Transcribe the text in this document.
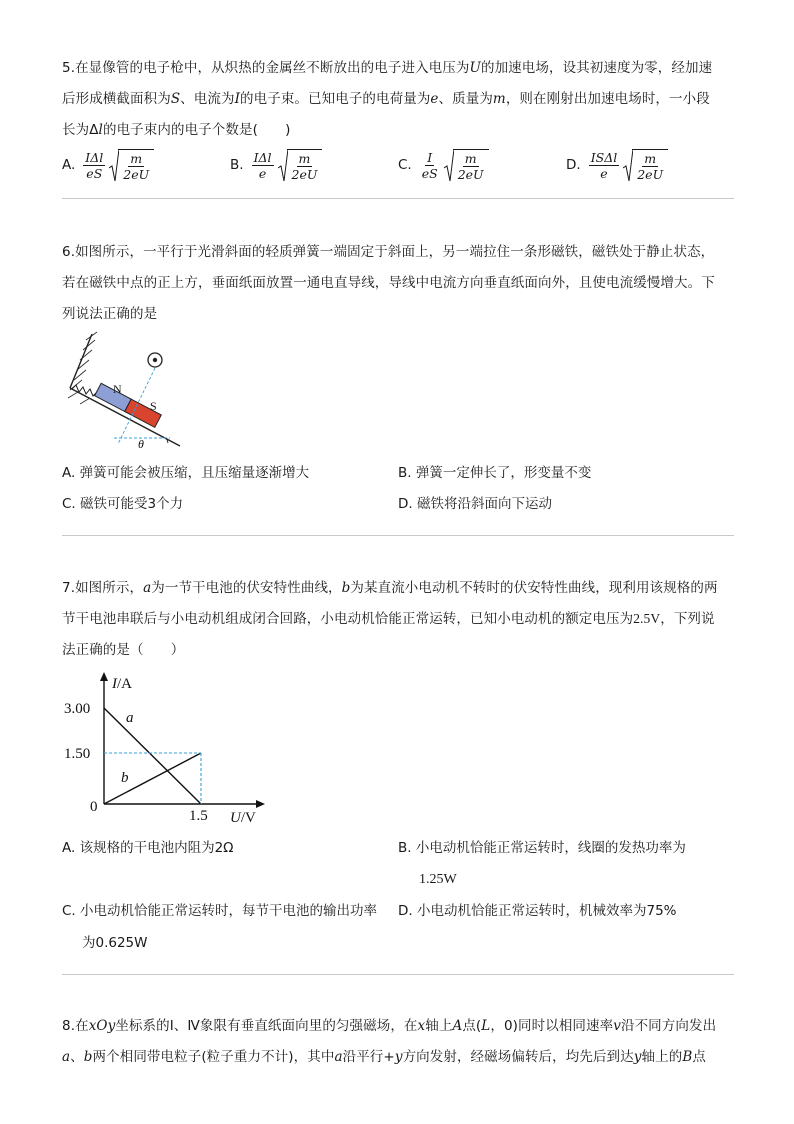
5.在显像管的电子枪中，从炽热的金属丝不断放出的电子进入电压为U的加速电场，设其初速度为零，经加速
后形成横截面积为S、电流为I的电子束。已知电子的电荷量为e、质量为m，则在刚射出加速电场时，一小段
长为Δl的电子束内的电子个数是(　　)
A. $\frac{\text{IΔl}}{eS} \frac{m}{2eU}$	B. $\frac{\text{IΔl}}{e} \frac{m}{2eU}$	C. $\frac{I}{eS} \frac{m}{2eU}$	D. $\frac{\text{ISΔl}}{e} \frac{m}{2eU}$
6.如图所示，一平行于光滑斜面的轻质弹簧一端固定于斜面上，另一端拉住一条形磁铁，磁铁处于静止状态，
若在磁铁中点的正上方，垂面纸面放置一通电直导线，导线中电流方向垂直纸面向外，且使电流缓慢增大。下
列说法正确的是
N
S
θ
A. 弹簧可能会被压缩，且压缩量逐渐增大	B. 弹簧一定伸长了，形变量不变
C. 磁铁可能受3个力	D. 磁铁将沿斜面向下运动
7.如图所示，a为一节干电池的伏安特性曲线，b为某直流小电动机不转时的伏安特性曲线，现利用该规格的两
节干电池串联后与小电动机组成闭合回路，小电动机恰能正常运转，已知小电动机的额定电压为2.5V，下列说
法正确的是（　　）
I/A
U/V
3.00
1.50
0
1.5
a
b
A. 该规格的干电池内阻为2Ω	B. 小电动机恰能正常运转时，线圈的发热功率为
1.25W
C. 小电动机恰能正常运转时，每节干电池的输出功率 D. 小电动机恰能正常运转时，机械效率为75%
为0.625W
8.在xOy坐标系的Ⅰ、Ⅳ象限有垂直纸面向里的匀强磁场，在x轴上A点(L，0)同时以相同速率v沿不同方向发出
a、b两个相同带电粒子(粒子重力不计)，其中a沿平行+y方向发射，经磁场偏转后，均先后到达y轴上的B点
